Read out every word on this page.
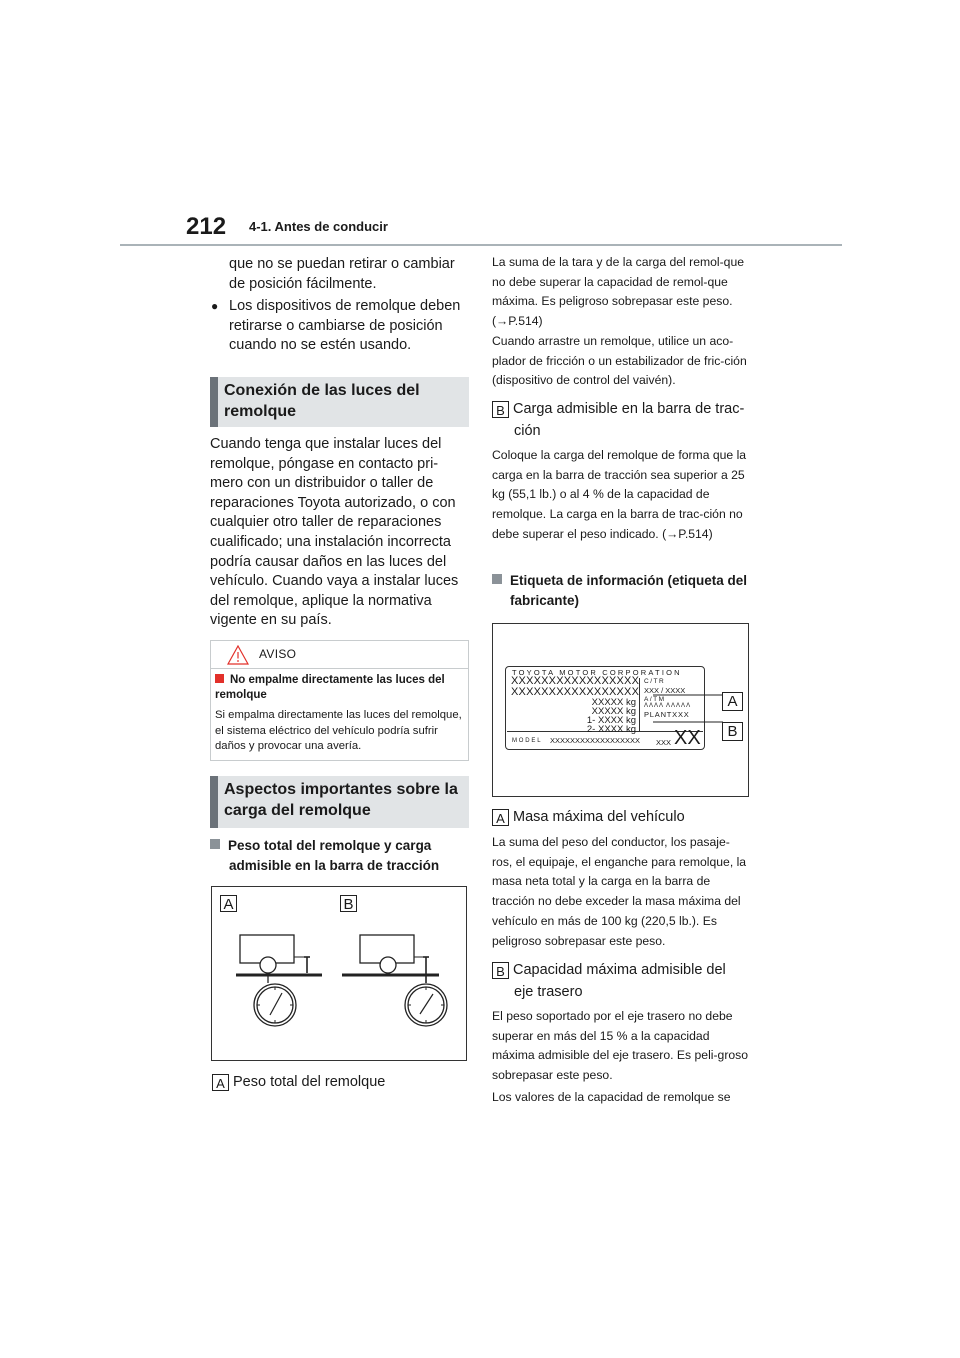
212 4-1. Antes de conducir
que no se puedan retirar o cambiar de posición fácilmente.
● Los dispositivos de remolque deben retirarse o cambiarse de posición cuando no se estén usando.
Conexión de las luces del remolque
Cuando tenga que instalar luces del remolque, póngase en contacto pri-mero con un distribuidor o taller de reparaciones Toyota autorizado, o con cualquier otro taller de reparaciones cualificado; una instalación incorrecta podría causar daños en las luces del vehículo. Cuando vaya a instalar luces del remolque, aplique la normativa vigente en su país.
AVISO
No empalme directamente las luces del remolque
Si empalma directamente las luces del remolque, el sistema eléctrico del vehículo podría sufrir daños y provocar una avería.
Aspectos importantes sobre la carga del remolque
Peso total del remolque y carga admisible en la barra de tracción
A	B
A Peso total del remolque
La suma de la tara y de la carga del remol-que no debe superar la capacidad de remol-que máxima. Es peligroso sobrepasar este peso. (→P.514)
Cuando arrastre un remolque, utilice un aco-plador de fricción o un estabilizador de fric-ción (dispositivo de control del vaivén).
B Carga admisible en la barra de trac-
ción
Coloque la carga del remolque de forma que la carga en la barra de tracción sea superior a 25 kg (55,1 lb.) o al 4 % de la capacidad de remolque. La carga en la barra de trac-ción no debe superar el peso indicado. (→P.514)
Etiqueta de información (etiqueta del fabricante)
TOYOTA MOTOR CORPORATION
XXXXXXXXXXXXXXXXX
XXXXXXXXXXXXXXXXX
XXXXX kg
XXXXX kg
1- XXXX kg
2- XXXX kg
C/TR
XXX / XXXX
A/TM
ΛΛΛΛ ΛΛΛΛΛ
PLANTXXX
MODEL XXXXXXXXXXXXXXXXXX XXX XX
A
B
A Masa máxima del vehículo
La suma del peso del conductor, los pasaje-ros, el equipaje, el enganche para remolque, la masa neta total y la carga en la barra de tracción no debe exceder la masa máxima del vehículo en más de 100 kg (220,5 lb.). Es peligroso sobrepasar este peso.
B Capacidad máxima admisible del
eje trasero
El peso soportado por el eje trasero no debe superar en más del 15 % a la capacidad máxima admisible del eje trasero. Es peli-groso sobrepasar este peso.
Los valores de la capacidad de remolque se
